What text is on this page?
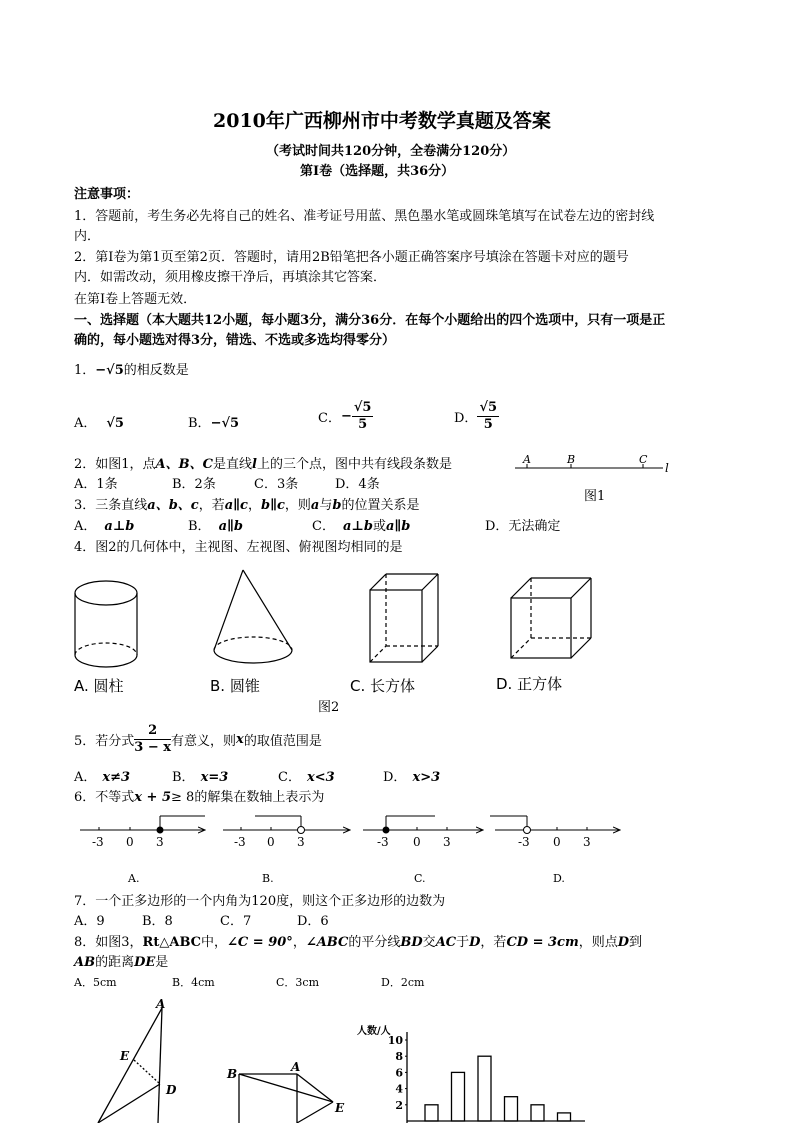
2010年广西柳州市中考数学真题及答案
（考试时间共120分钟，全卷满分120分）
第Ⅰ卷（选择题，共36分）
注意事项：
1．答题前，考生务必先将自己的姓名、准考证号用蓝、黑色墨水笔或圆珠笔填写在试卷左边的密封线
内．
2．第Ⅰ卷为第1页至第2页．答题时，请用2B铅笔把各小题正确答案序号填涂在答题卡对应的题号
内．如需改动，须用橡皮擦干净后，再填涂其它答案．
在第Ⅰ卷上答题无效．
一、选择题（本大题共12小题，每小题3分，满分36分．在每个小题给出的四个选项中，只有一项是正
确的，每小题选对得3分，错选、不选或多选均得零分）
1．−√5的相反数是
A． √5	B．−√5	C．− $\frac{√5}{5}$	D． $\frac{√5}{5}$
2．如图1，点A、B、C是直线l上的三个点，图中共有线段条数是
A．1条	B．2条	C．3条	D．4条
A	B	C
l
图1
3．三条直线a、b、c，若a∥c，b∥c，则a与b的位置关系是
A． a⊥b	B． a∥b	C． a⊥b或a∥b	D．无法确定
4．图2的几何体中，主视图、左视图、俯视图均相同的是
A. 圆柱	B. 圆锥	C. 长方体	D. 正方体
图2
5．若分式 $\frac{2}{3 - x}$ 有意义，则x的取值范围是
A． x≠3	B． x=3	C． x<3	D． x>3
6．不等式x + 5≥ 8的解集在数轴上表示为
-3 0 3	-3 0 3	-3 0 3	-3 0 3
A.	B.	C.	D.
7．一个正多边形的一个内角为120度，则这个正多边形的边数为
A．9	B．8	C．7	D．6
8．如图3，Rt△ABC中，∠C = 90°，∠ABC的平分线BD交AC于D，若CD = 3cm，则点D到
AB的距离DE是
A．5cm	B．4cm	C．3cm	D．2cm
A
E
D
B	A
E
人数/人
2
4
6
8
10
